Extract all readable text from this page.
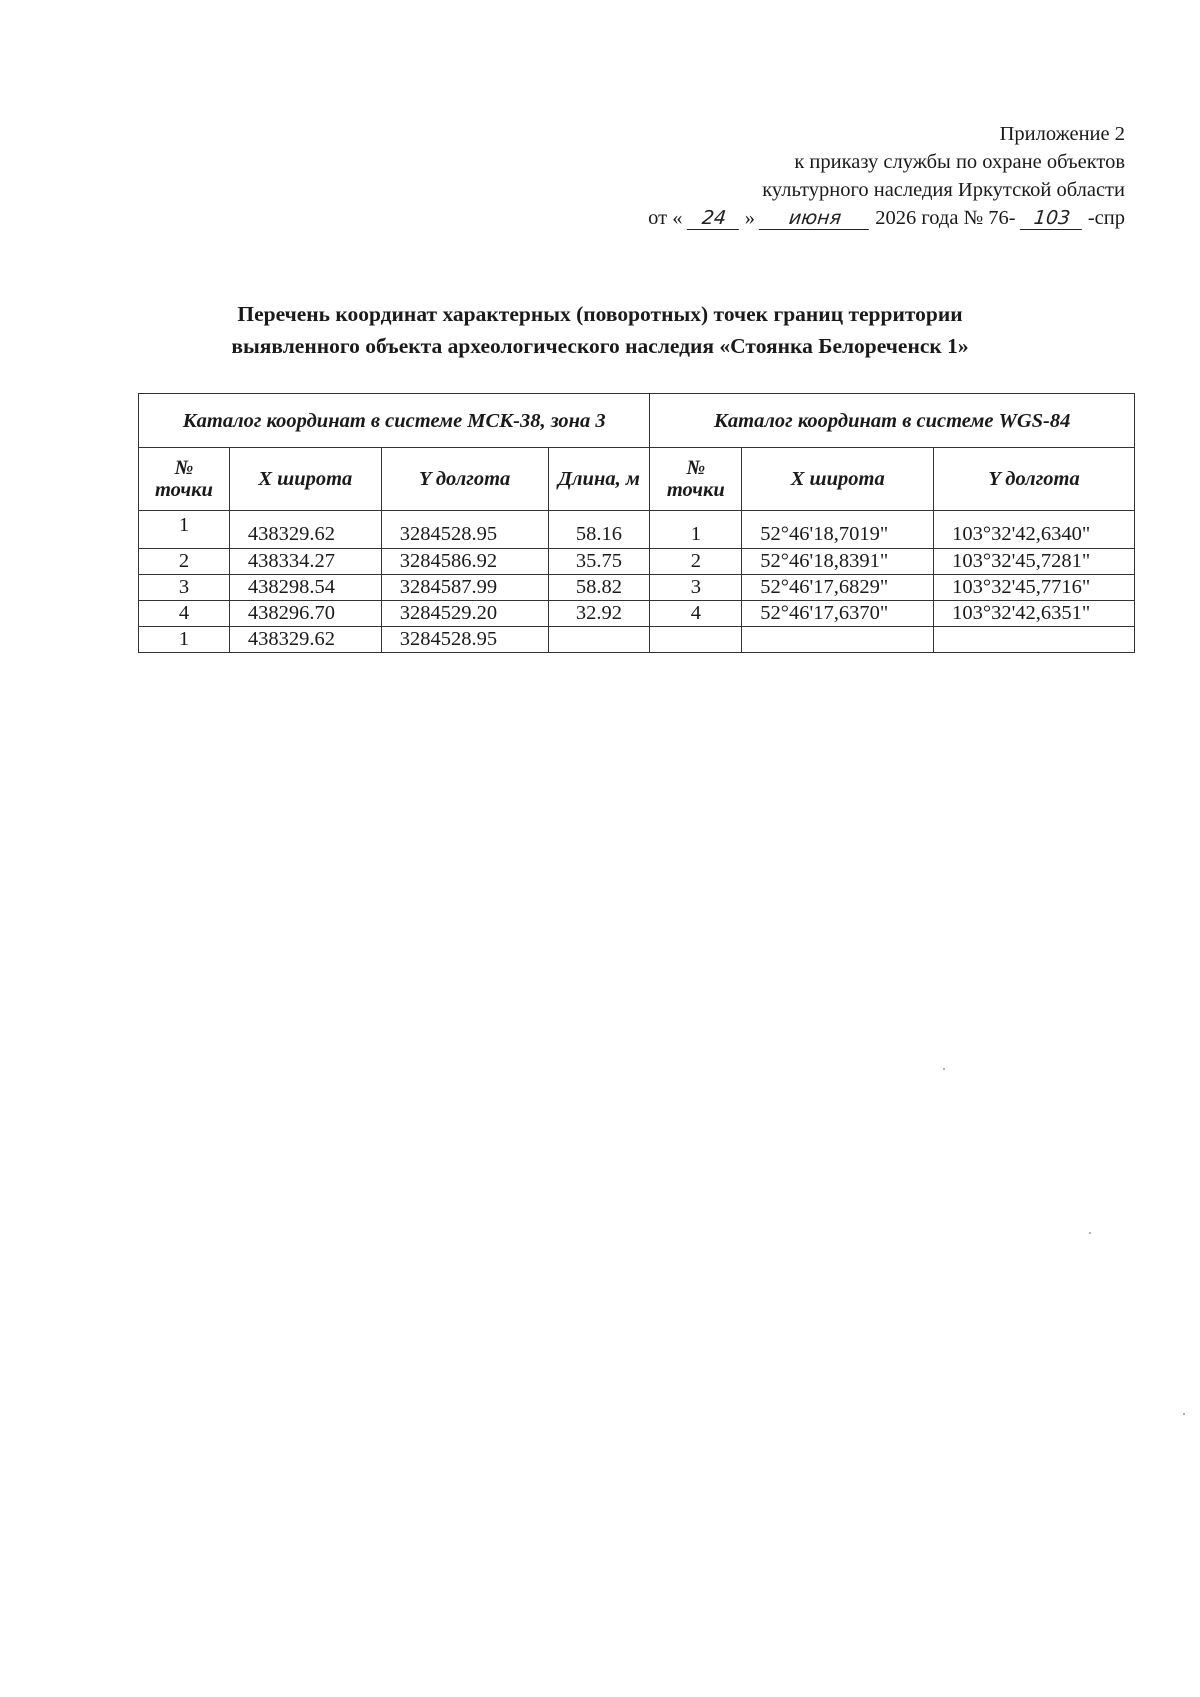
Приложение 2
к приказу службы по охране объектов
культурного наследия Иркутской области
от « 24 » июня 2026 года № 76- 103 -спр
Перечень координат характерных (поворотных) точек границ территории
выявленного объекта археологического наследия «Стоянка Белореченск 1»
Каталог координат в системе МСК-38, зона 3				Каталог координат в системе WGS-84		
№ точки	X широта	Y долгота	Длина, м	№ точки	X широта	Y долгота
1	438329.62	3284528.95	58.16	1	52°46'18,7019"	103°32'42,6340"
2	438334.27	3284586.92	35.75	2	52°46'18,8391"	103°32'45,7281"
3	438298.54	3284587.99	58.82	3	52°46'17,6829"	103°32'45,7716"
4	438296.70	3284529.20	32.92	4	52°46'17,6370"	103°32'42,6351"
1	438329.62	3284528.95				
